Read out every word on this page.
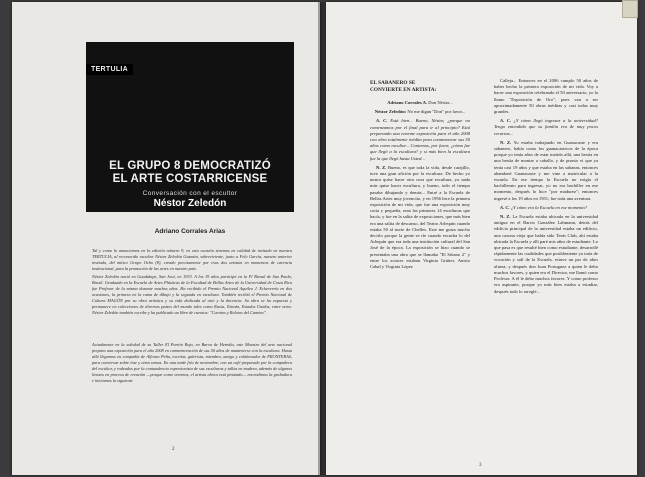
TERTULIA
EL GRUPO 8 DEMOCRATIZÓ
EL ARTE COSTARRICENSE
Conversación con el escultor
Néstor Zeledón
Adriano Corrales Arias
Tal y como lo anunciamos en la edición número 9, en esta ocasión tenemos en calidad de invitado en nuestra TERTULIA, al reconocido escultor Néstor Zeledón Guzmán, sobreviviente, junto a Felo García, nuestro anterior invitado, del mítico Grupo Ocho (8), creado precisamente por esos dos artistas en momentos de carencia institucional, para la promoción de las artes en nuestro país.
Néstor Zeledón nació en Guadalupe, San José, en 1933. A los 19 años participó en la IV Bienal de Sao Paulo, Brasil. Graduado en la Escuela de Artes Plásticas de la Facultad de Bellas Artes de la Universidad de Costa Rica fue Profesor de la misma durante muchos años. Ha recibido el Premio Nacional Aquileo J. Echeverría en dos ocasiones, la primera en la rama de dibujo y la segunda en escultura. También recibió el Premio Nacional de Cultura MAGÓN por su obra artística y su vida dedicada al arte y la docencia. Su obra se ha expuesto y permanece en colecciones de diversos países del mundo tales como Rusia, Taiwán, Estados Unidos, entre otros. Néstor Zeledón también escribe y ha publicado un libro de cuentos: "Cuentos y Relatos del Camino".
Actualmente en la soledad de su Taller El Portón Rojo, en Barva de Heredia, este Maestro del arte nacional prepara una exposición para el año 2008 en conmemoración de sus 50 años de mantenerse con la escultura. Hasta allá llegamos en compañía de Alfonso Peña, escritor, galerista, miembro, amigo y colaborador de FRONTERAS, para conversar sobre éste y otros temas. En una tarde fría de noviembre, con un café preparado por la compañera del escultor, y rodeados por la contundencia expresionista de sus esculturas y tallas en madera, además de algunos lienzos en proceso de creación —porque como veremos, el artista ahora está pintando— encendimos la grabadora e iniciamos la siguiente
2
EL SABANERO SE
CONVIERTE EN ARTISTA:

Adriano Corrales A. Don Néstor...

Néstor Zeledón: No me digan "Don" por favor...

A. C. Está bien... Bueno, Néstor, ¿porque no comenzamos por el final para ir al principio? Está preparando una enorme exposición para el año 2008 con obra totalmente inédita para conmemorar sus 50 años como escultor... Contemos, por favor, ¿cómo fue que llegó a la escultura? y si más bien la escultura fue la que llegó hasta Usted...

N. Z. Bueno, es que toda la vida, desde carajillo, tuve una gran afición por la escultura. De hecho yo nunca quise hacer otra cosa que escultura, yo nada más quise hacer escultura, y bueno, todo el tiempo pasaba dibujando y demás... Entré a la Escuela de Bellas Artes muy jovencito, y en 1956 hice la primera exposición de mi vida, que fue una exposición muy corta y pequeña, eran las primeras 14 esculturas que hacía, y fue en la salita de exposiciones, que más bien era una salita de descanso, del Teatro Arlequín cuando estaba 50 al norte de Chelles. Este me gusta mucho decirlo porque la gente se ríe cuando escucha lo del Arlequín que era toda una institución cultural del San José de la época. La exposición se hizo cuando se presentaba una obra que se llamaba "El Sótano 2" y entre los actores estaban Virginia Grütter, Anisio Cabal y Virginia López

Calleja... Entonces en el 2006 cumplo 50 años de haber hecho la primera exposición de mi vida. Voy a hacer una exposición celebrando el 50 aniversario, yo la llamo "Exposición de Oro", pues van a ser aproximadamente 50 obras inéditas y casi todas muy grandes.

A. C. ¿Y cómo llegó ingresar a la universidad? Tengo entendido que su familia era de muy pocos recursos...

N. Z. Yo estaba trabajando en Guanacaste y era sabanero, había como los guanacastecos de la época porque yo tenía años de estar metido allá, una bestia en una bestia de montar a caballo, y de pronto vi que ya tenía casi 19 años y que estaba en las sabanas, entonces abandoné Guanacaste y me vine a matricular a la escuela. En ese tiempo la Escuela no exigía el bachillerato para ingresar, yo no era bachiller en ese momento, después lo hice "por madurez"; entonces ingresé a los 19 años en 1951; fue toda una aventura.

A. C. ¿Y cómo era la Escuela en ese momento?

N. Z. La Escuela estaba ubicada en la universidad antigua en el Barrio González Lahmann, detrás del edificio principal de la universidad estaba un edificio, una casona vieja que había sido Tenis Club, ahí estaba ubicada la Escuela y allí paré mis años de estudiante. Lo que pasa es que resulté bien como estudiante, desarrollé rápidamente las cualidades que posiblemente ya traía de vocación y salí de la Escuela, estuve un par de años afuera, y después don Juan Portuguez a quien le debo muchos favores, y quien era el Director, me llamó como Profesor. A él le debo muchos favores. Y como profesor era aspirante, porque yo más bien estaba a estudiar, después todo lo arreglé...

3
